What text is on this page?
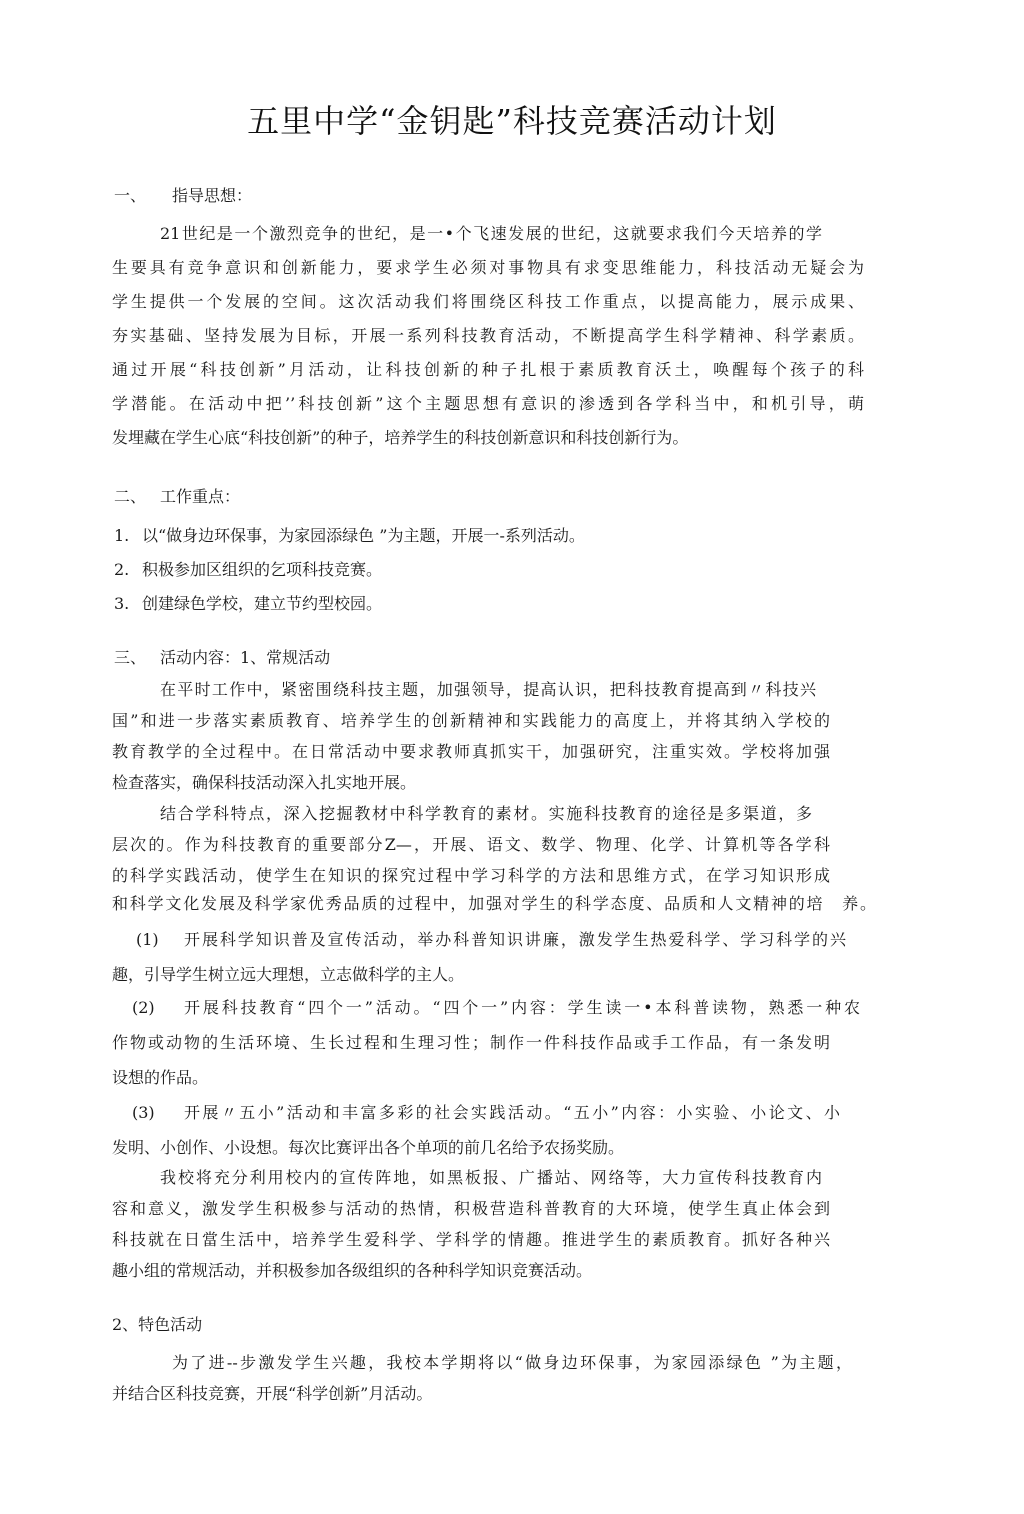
五里中学“金钥匙”科技竞赛活动计划
一、 指导思想：
21世纪是一个激烈竞争的世纪，是一•个飞速发展的世纪，这就要求我们今天培养的学
生要具有竞争意识和创新能力，要求学生必须对事物具有求变思维能力，科技活动无疑会为
学生提供一个发展的空间。这次活动我们将围绕区科技工作重点，以提高能力，展示成果、
夯实基础、坚持发展为目标，开展一系列科技教育活动，不断提高学生科学精神、科学素质。
通过开展“科技创新”月活动，让科技创新的种子扎根于素质教育沃土，唤醒每个孩子的科
学潜能。在活动中把’’科技创新”这个主题思想有意识的渗透到各学科当中，和机引导，萌
发埋藏在学生心底“科技创新”的种子，培养学生的科技创新意识和科技创新行为。
二、 工作重点：
1. 以“做身边环保事，为家园添绿色 ”为主题，开展一-系列活动。
2. 积极参加区组织的乞项科技竞赛。
3. 创建绿色学校，建立节约型校园。
三、 活动内容：1、常规活动
在平时工作中，紧密围绕科技主题，加强领导，提高认识，把科技教育提高到〃科技兴
国”和进一步落实素质教育、培养学生的创新精神和实践能力的高度上，并将其纳入学校的
教育教学的全过程中。在日常活动中要求教师真抓实干，加强研究，注重实效。学校将加强
检查落实，确保科技活动深入扎实地开展。
结合学科特点，深入挖掘教材中科学教育的素材。实施科技教育的途径是多渠道，多
层次的。作为科技教育的重要部分Z—，开展、语文、数学、物理、化学、计算机等各学科
的科学实践活动，使学生在知识的探究过程中学习科学的方法和思维方式，在学习知识形成
和科学文化发展及科学家优秀品质的过程中，加强对学生的科学态度、品质和人文精神的培　养。
(1) 开展科学知识普及宣传活动，举办科普知识讲廉，激发学生热爱科学、学习科学的兴
趣，引导学生树立远大理想，立志做科学的主人。
(2) 开展科技教育“四个一”活动。“四个一”内容：学生读一•本科普读物，熟悉一种农
作物或动物的生活环境、生长过程和生理习性；制作一件科技作品或手工作品，有一条发明
设想的作品。
(3) 开展〃五小”活动和丰富多彩的社会实践活动。“五小”内容：小实验、小论文、小
发明、小创作、小设想。每次比赛评出各个单项的前几名给予农扬奖励。
我校将充分利用校内的宣传阵地，如黑板报、广播站、网络等，大力宣传科技教育内
容和意义，激发学生积极参与活动的热情，积极营造科普教育的大环境，使学生真止体会到
科技就在日當生活中，培养学生爱科学、学科学的情趣。推进学生的素质教育。抓好各种兴
趣小组的常规活动，并积极参加各级组织的各种科学知识竞赛活动。
2、特色活动
为了进--步激发学生兴趣，我校本学期将以“做身边环保事，为家园添绿色 ”为主题，
并结合区科技竞赛，开展“科学创新”月活动。
